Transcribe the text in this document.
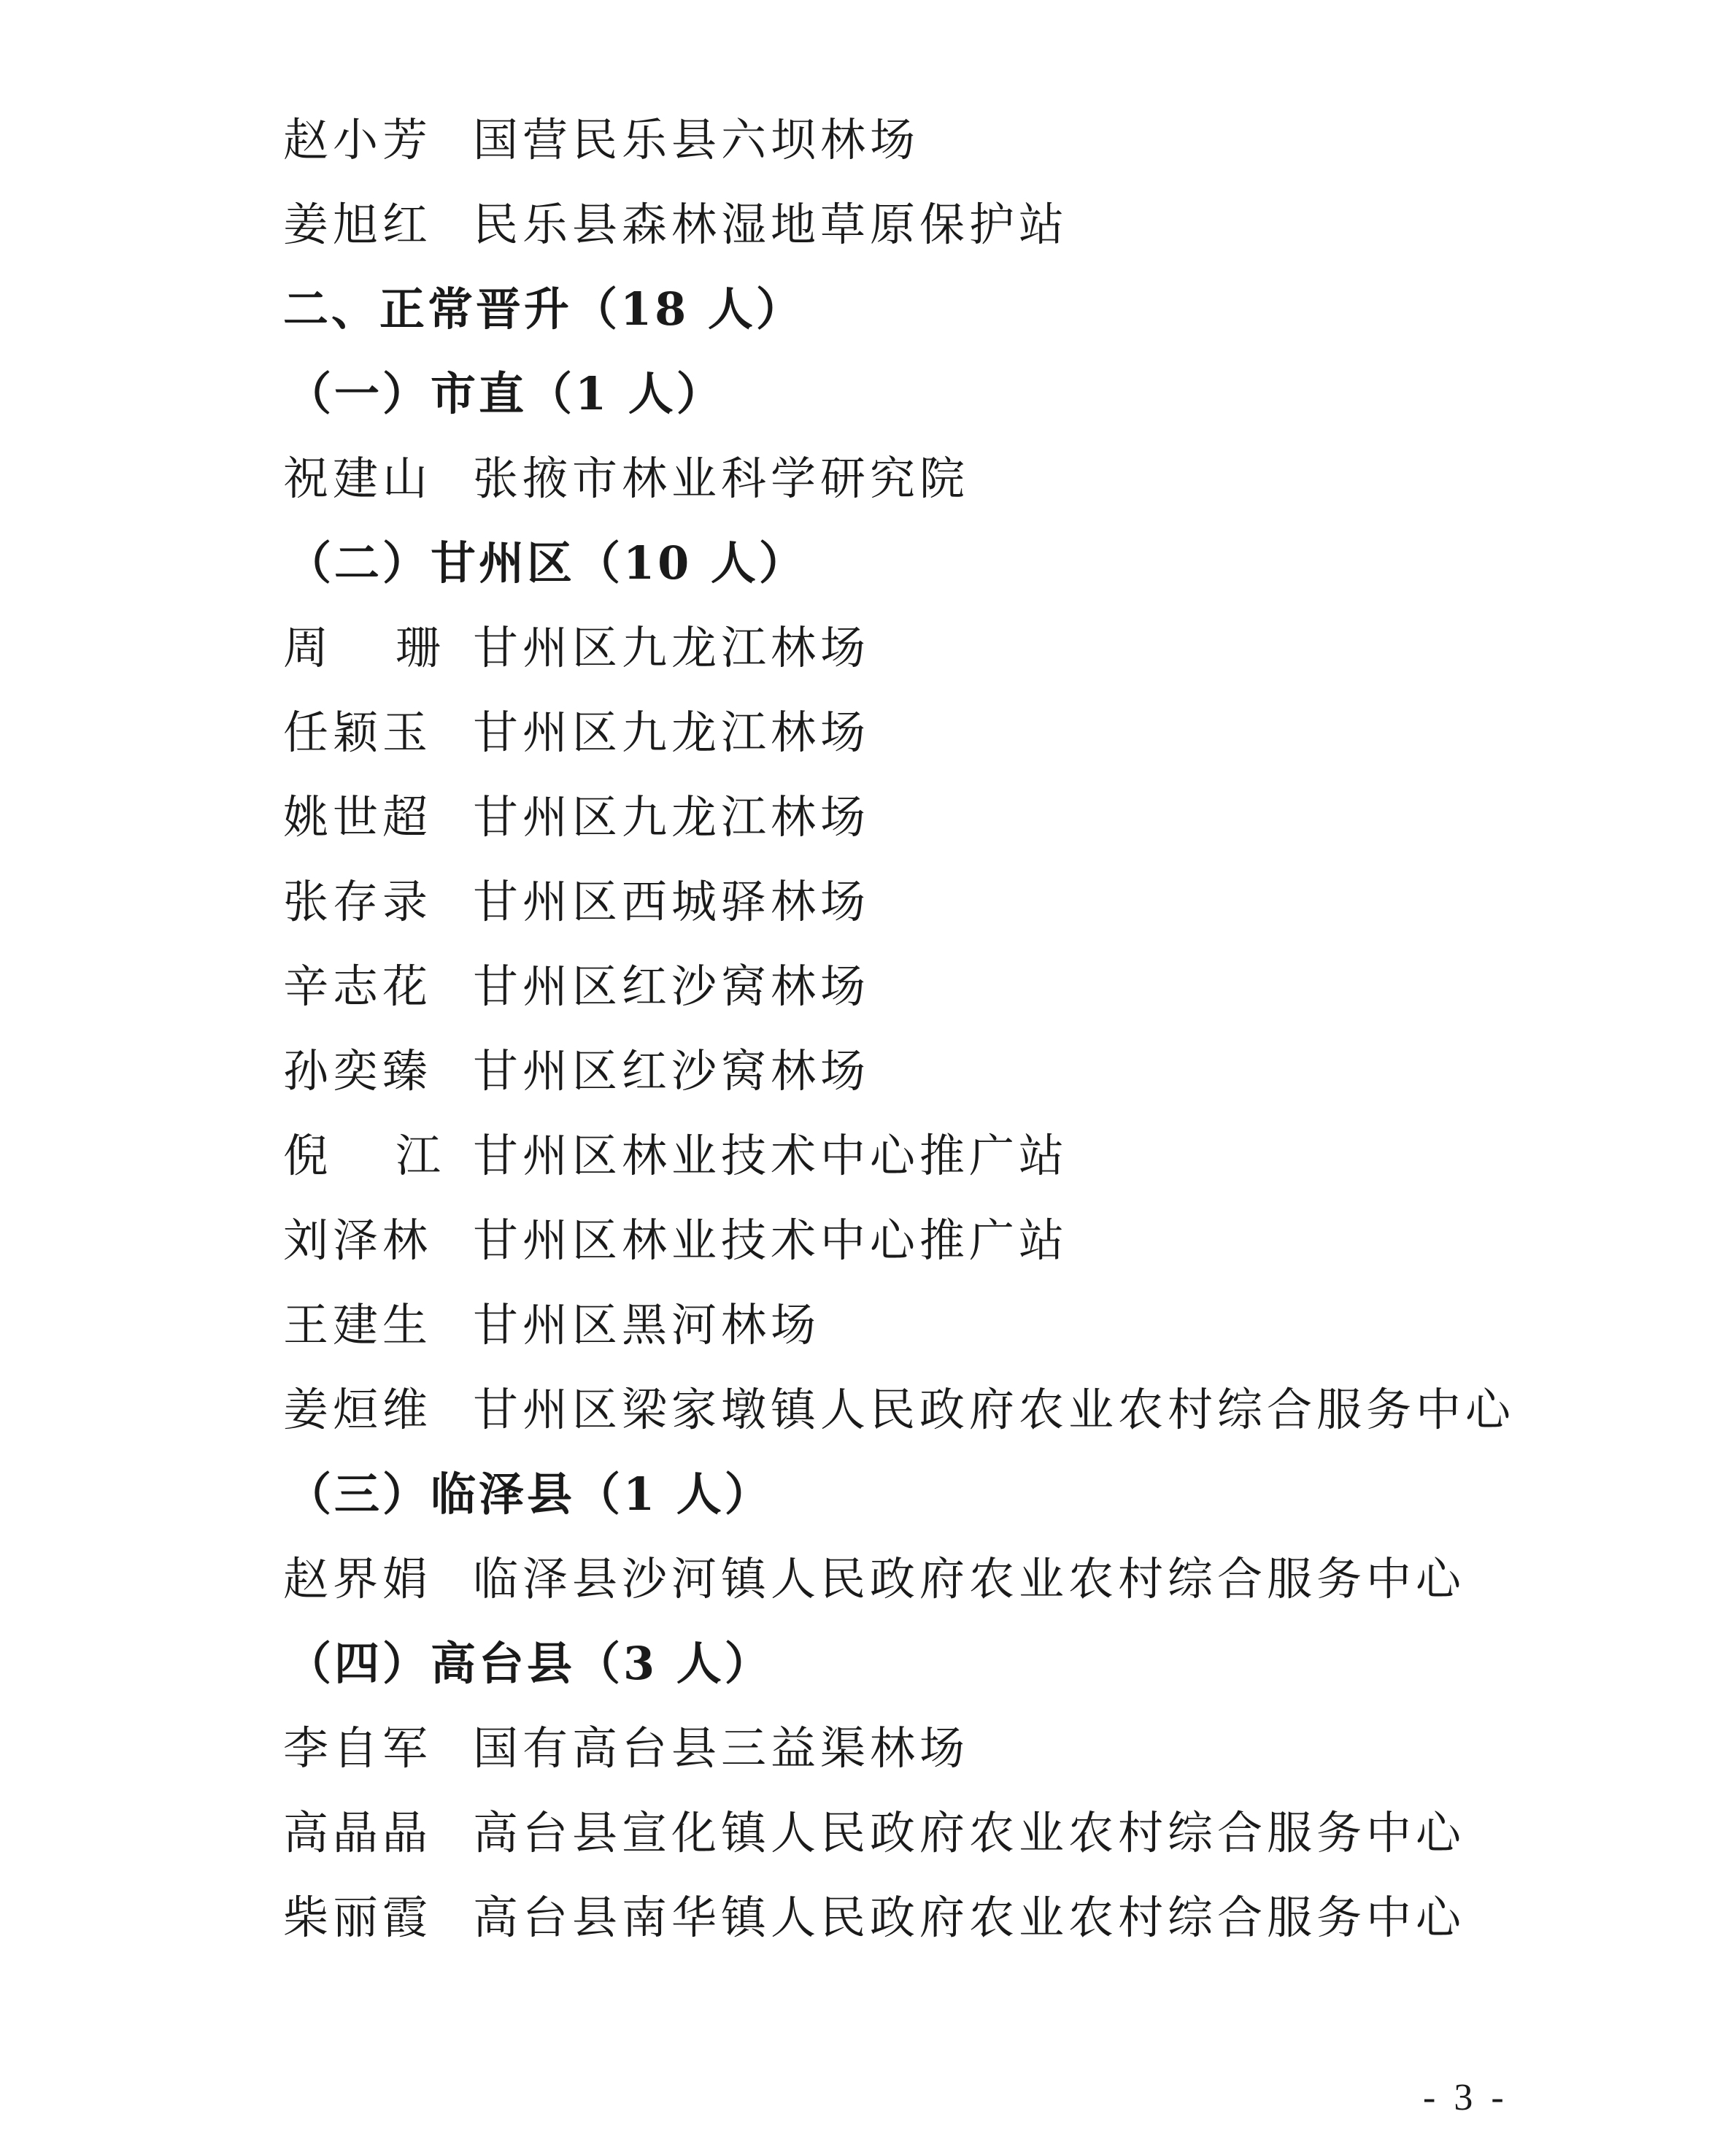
赵小芳 国营民乐县六坝林场
姜旭红 民乐县森林湿地草原保护站
二、正常晋升（18 人）
（一）市直（1 人）
祝建山 张掖市林业科学研究院
（二）甘州区（10 人）
周珊甘州区九龙江林场
任颖玉 甘州区九龙江林场
姚世超 甘州区九龙江林场
张存录 甘州区西城驿林场
辛志花 甘州区红沙窝林场
孙奕臻 甘州区红沙窝林场
倪江甘州区林业技术中心推广站
刘泽林 甘州区林业技术中心推广站
王建生 甘州区黑河林场
姜烜维 甘州区梁家墩镇人民政府农业农村综合服务中心
（三）临泽县（1 人）
赵界娟 临泽县沙河镇人民政府农业农村综合服务中心
（四）高台县（3 人）
李自军 国有高台县三益渠林场
高晶晶 高台县宣化镇人民政府农业农村综合服务中心
柴丽霞 高台县南华镇人民政府农业农村综合服务中心
- 3 -
